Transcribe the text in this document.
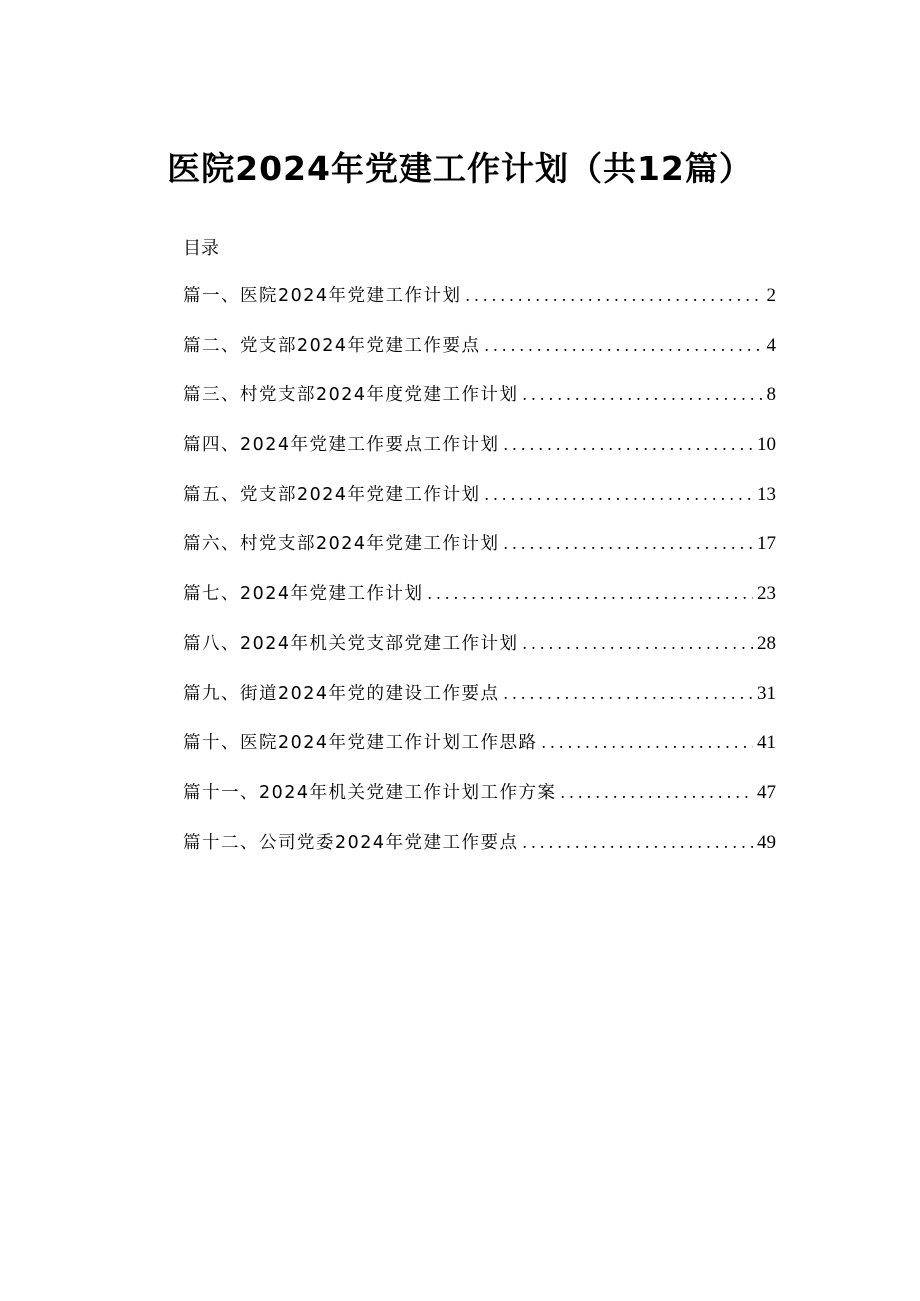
医院2024年党建工作计划（共12篇）
目录
篇一、医院2024年党建工作计划 . . .	2
篇二、党支部2024年党建工作要点 . . .	4
篇三、村党支部2024年度党建工作计划 . . .	8
篇四、2024年党建工作要点工作计划 . . .	10
篇五、党支部2024年党建工作计划 . . .	13
篇六、村党支部2024年党建工作计划 . . .	17
篇七、2024年党建工作计划 . . .	23
篇八、2024年机关党支部党建工作计划 . . .	28
篇九、街道2024年党的建设工作要点 . . .	31
篇十、医院2024年党建工作计划工作思路 . . .	41
篇十一、2024年机关党建工作计划工作方案 . . .	47
篇十二、公司党委2024年党建工作要点 . . .	49
